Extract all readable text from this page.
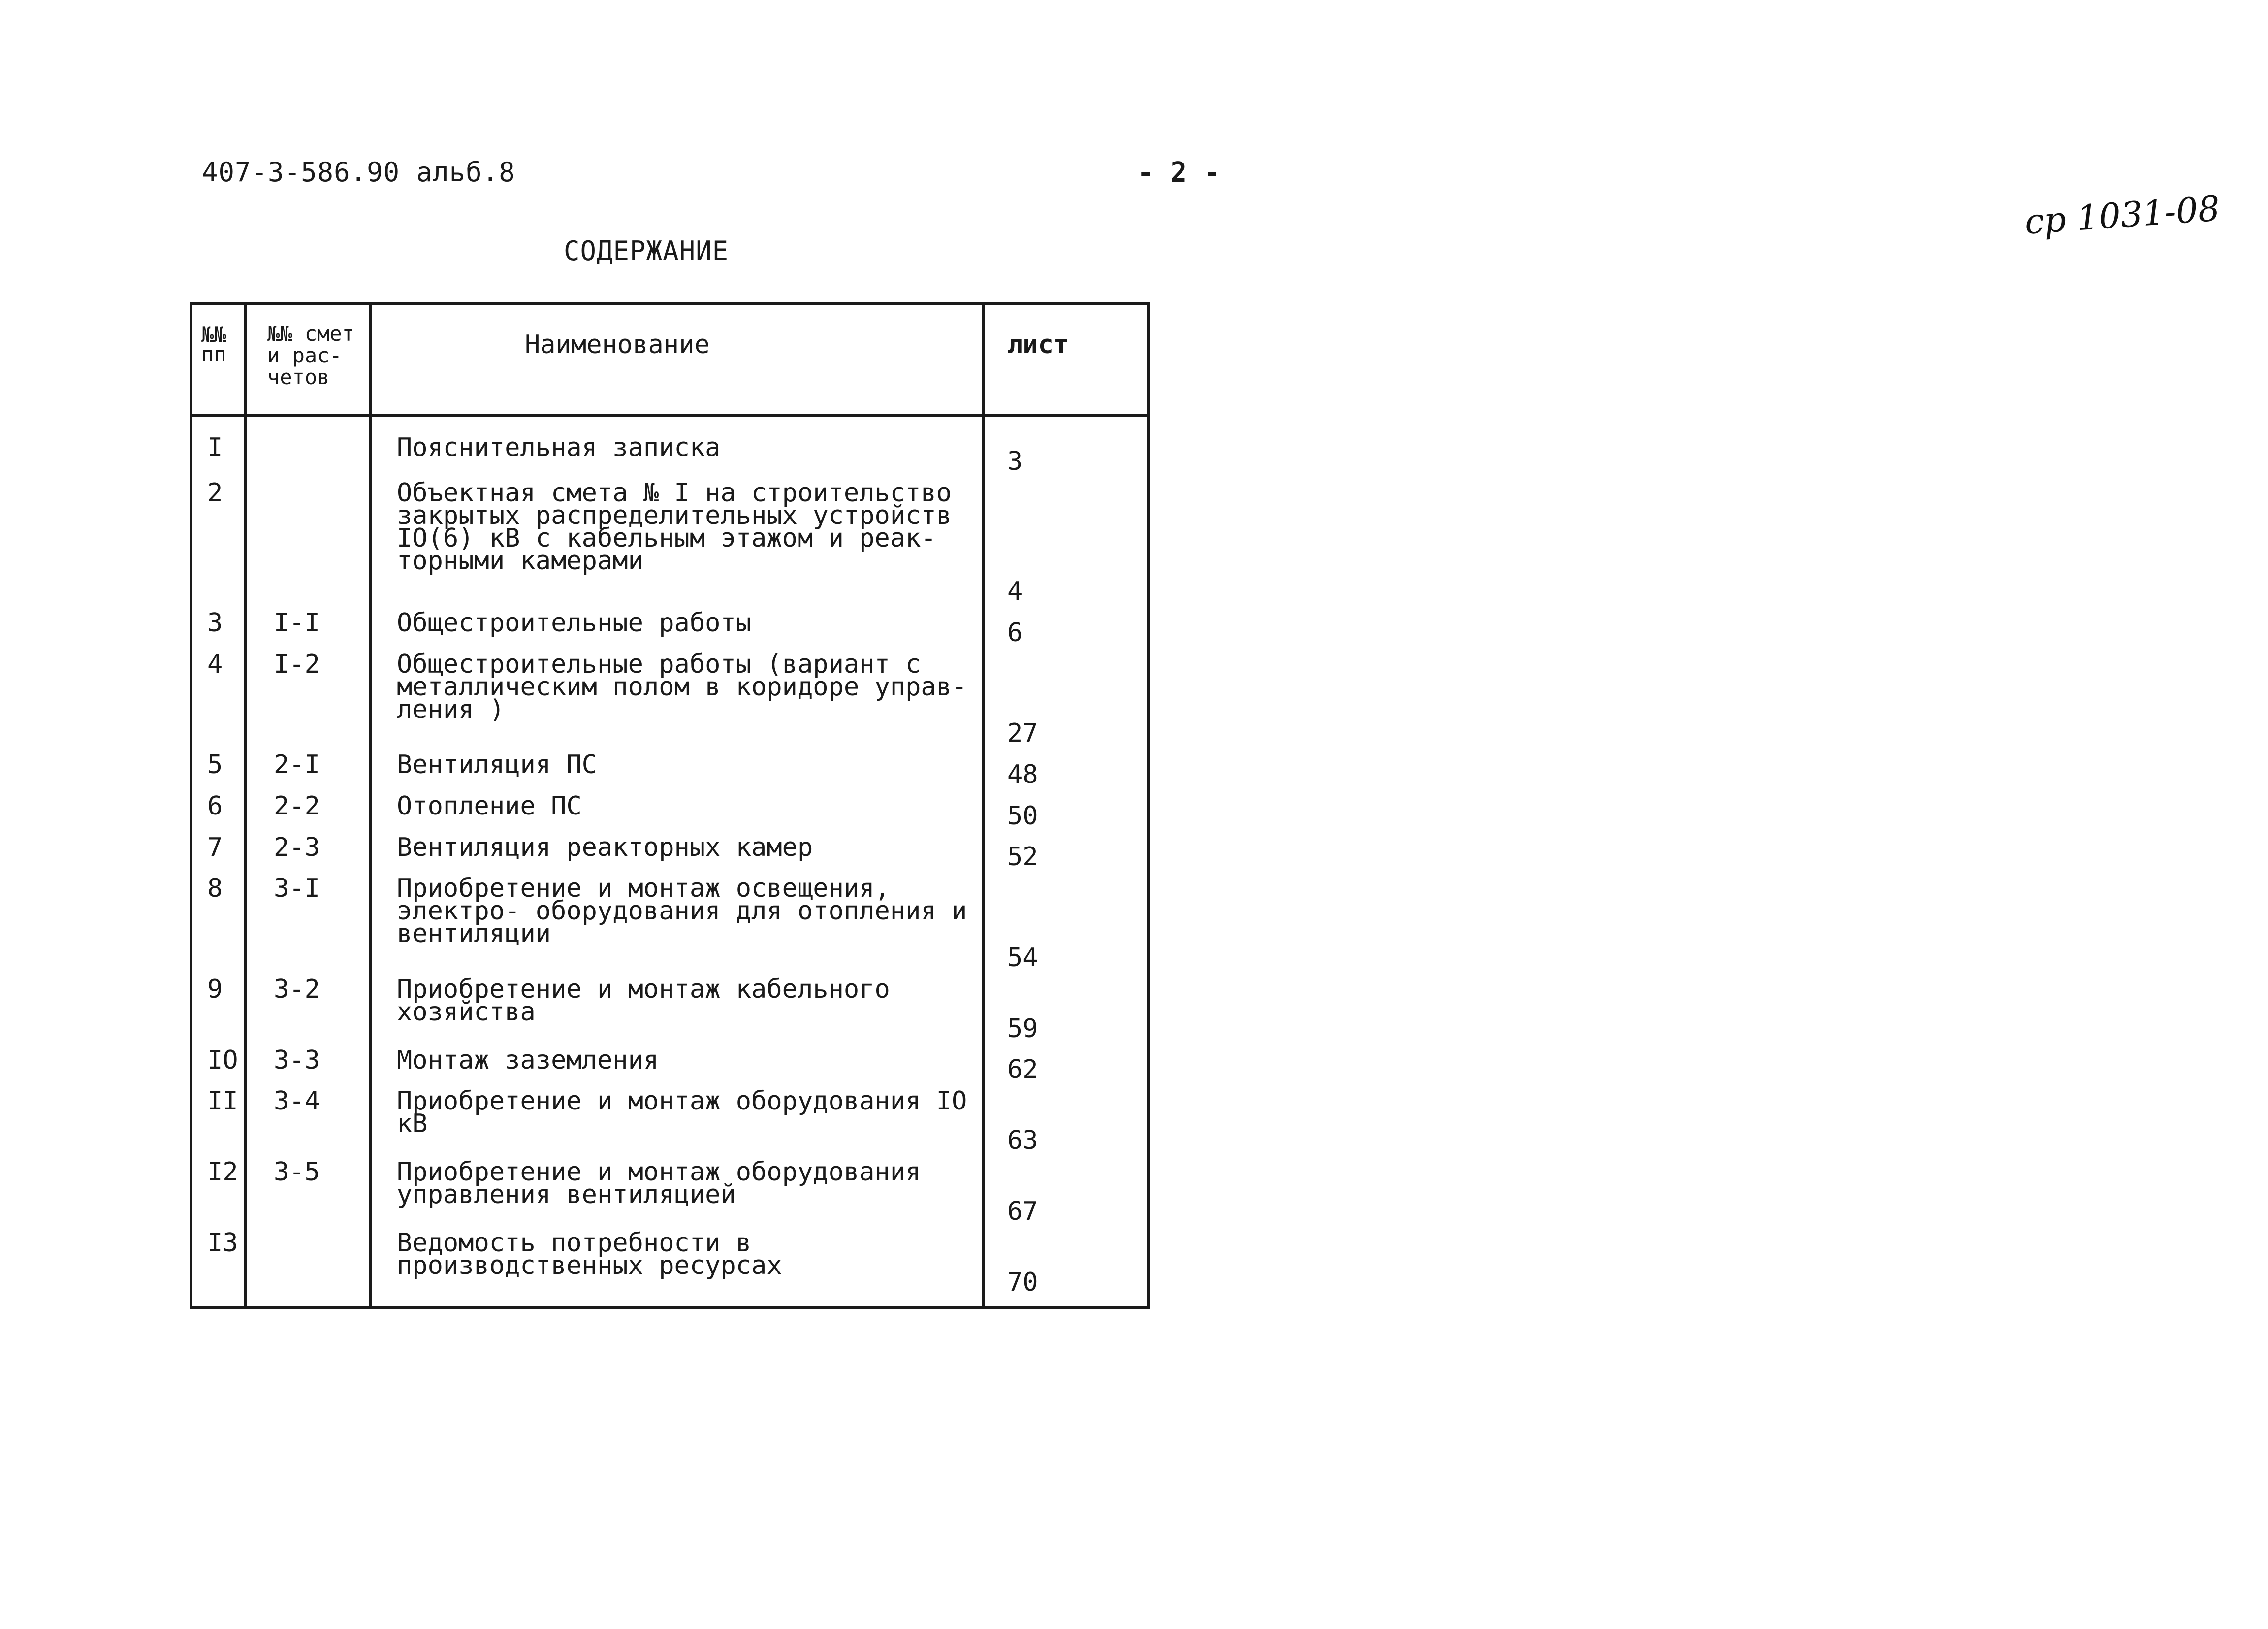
407-3-586.90 альб.8	- 2 -
ср 1031-08
СОДЕРЖАНИЕ
№№ пп	№№ смет и рас- четов	Наименование	лист
I		Пояснительная записка	3
2		Объектная смета № I на строительство закрытых распределительных устройств IO(6) кВ с кабельным этажом и реак- торными камерами	4
3	I-I	Общестроительные работы	6
4	I-2	Общестроительные работы (вариант с металлическим полом в коридоре управ- ления )	27
5	2-I	Вентиляция ПС	48
6	2-2	Отопление ПС	50
7	2-3	Вентиляция реакторных камер	52
8	3-I	Приобретение и монтаж освещения, электро- оборудования для отопления и вентиляции	54
9	3-2	Приобретение и монтаж кабельного хозяйства	59
IO	3-3	Монтаж заземления	62
II	3-4	Приобретение и монтаж оборудования IO кВ	63
I2	3-5	Приобретение и монтаж оборудования управления вентиляцией	67
I3		Ведомость потребности в производственных ресурсах	70
